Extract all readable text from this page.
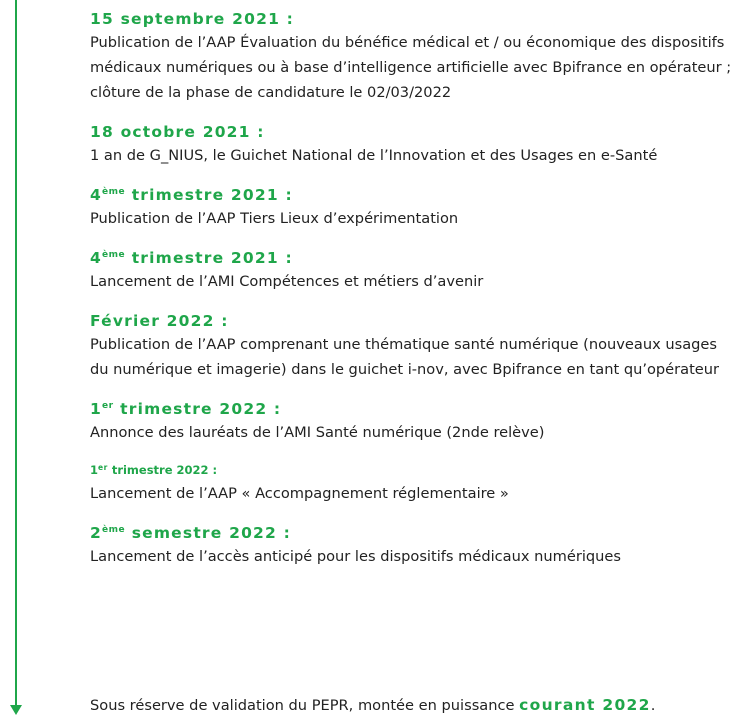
15 septembre 2021 :
Publication de l’AAP Évaluation du bénéfice médical et / ou économique des dispositifs médicaux numériques ou à base d’intelligence artificielle avec Bpifrance en opérateur ; clôture de la phase de candidature le 02/03/2022
18 octobre 2021 :
1 an de G_NIUS, le Guichet National de l’Innovation et des Usages en e-Santé
4ème trimestre 2021 :
Publication de l’AAP Tiers Lieux d’expérimentation
4ème trimestre 2021 :
Lancement de l’AMI Compétences et métiers d’avenir
Février 2022 :
Publication de l’AAP comprenant une thématique santé numérique (nouveaux usages du numérique et imagerie) dans le guichet i-nov, avec Bpifrance en tant qu’opérateur
1er trimestre 2022 :
Annonce des lauréats de l’AMI Santé numérique (2nde relève)
1er trimestre 2022 :
Lancement de l’AAP « Accompagnement réglementaire »
2ème semestre 2022 :
Lancement de l’accès anticipé pour les dispositifs médicaux numériques
Sous réserve de validation du PEPR, montée en puissance courant 2022.
